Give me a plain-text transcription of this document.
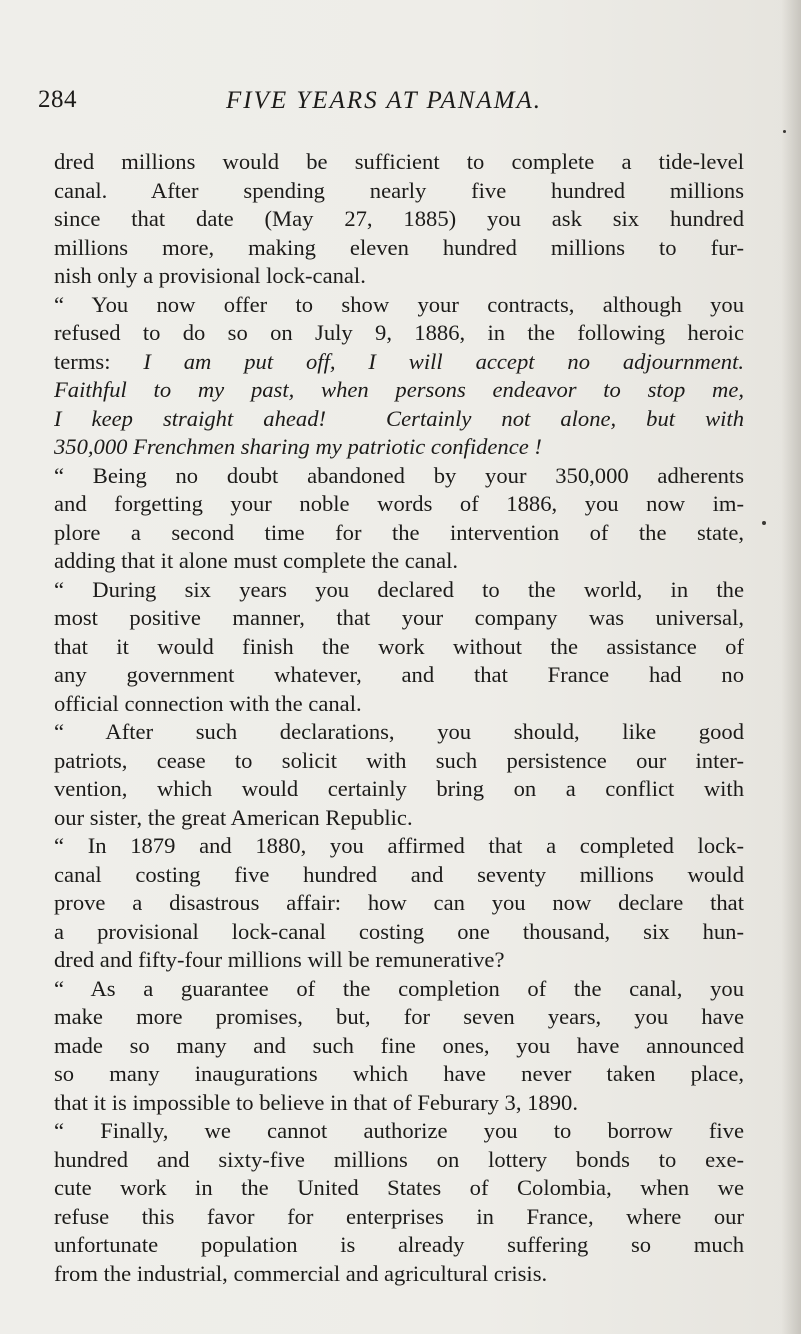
284	FIVE YEARS AT PANAMA.
dred millions would be sufficient to complete a tide-level
canal. After spending nearly five hundred millions
since that date (May 27, 1885) you ask six hundred
millions more, making eleven hundred millions to fur-
nish only a provisional lock-canal.
“ You now offer to show your contracts, although you
refused to do so on July 9, 1886, in the following heroic
terms: I am put off, I will accept no adjournment.
Faithful to my past, when persons endeavor to stop me,
I keep straight ahead!  Certainly not alone, but with
350,000 Frenchmen sharing my patriotic confidence !
“ Being no doubt abandoned by your 350,000 adherents
and forgetting your noble words of 1886, you now im-
plore a second time for the intervention of the state,
adding that it alone must complete the canal.
“ During six years you declared to the world, in the
most positive manner, that your company was universal,
that it would finish the work without the assistance of
any government whatever, and that France had no
official connection with the canal.
“ After such declarations, you should, like good
patriots, cease to solicit with such persistence our inter-
vention, which would certainly bring on a conflict with
our sister, the great American Republic.
“ In 1879 and 1880, you affirmed that a completed lock-
canal costing five hundred and seventy millions would
prove a disastrous affair: how can you now declare that
a provisional lock-canal costing one thousand, six hun-
dred and fifty-four millions will be remunerative?
“ As a guarantee of the completion of the canal, you
make more promises, but, for seven years, you have
made so many and such fine ones, you have announced
so many inaugurations which have never taken place,
that it is impossible to believe in that of Feburary 3, 1890.
“ Finally, we cannot authorize you to borrow five
hundred and sixty-five millions on lottery bonds to exe-
cute work in the United States of Colombia, when we
refuse this favor for enterprises in France, where our
unfortunate population is already suffering so much
from the industrial, commercial and agricultural crisis.
